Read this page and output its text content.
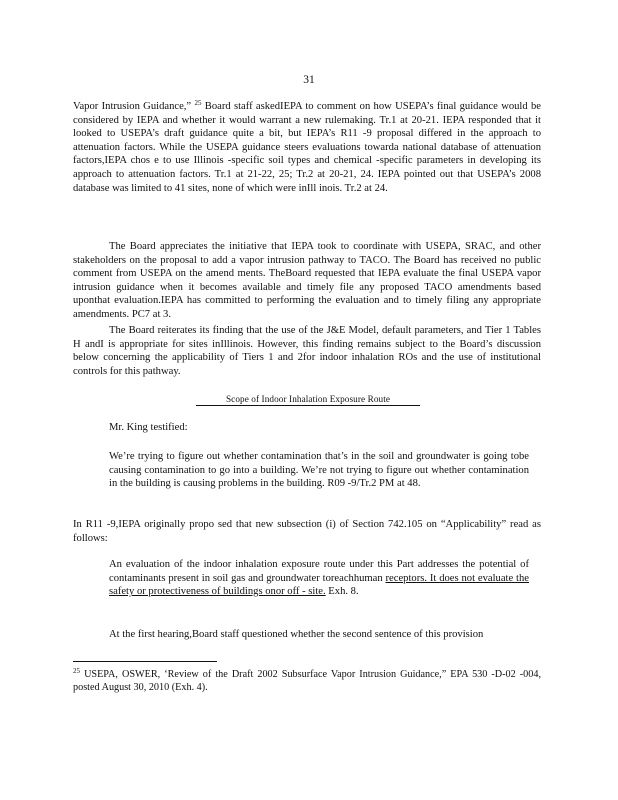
31

Vapor Intrusion Guidance,” $^{25}$ Board staff askedIEPA to comment on how USEPA’s final guidance would be considered by IEPA and whether it would warrant a new rulemaking. Tr.1 at 20-21. IEPA responded that it looked to USEPA’s draft guidance quite a bit, but IEPA’s R11 -9 proposal differed in the approach to attenuation factors. While the USEPA guidance steers evaluations towarda national database of attenuation factors,IEPA chos e to use Illinois -specific soil types and chemical -specific parameters in developing its approach to attenuation factors. Tr.1 at 21-22, 25; Tr.2 at 20-21, 24. IEPA pointed out that USEPA’s 2008 database was limited to 41 sites, none of which were inIll inois. Tr.2 at 24.

The Board appreciates the initiative that IEPA took to coordinate with USEPA, SRAC, and other stakeholders on the proposal to add a vapor intrusion pathway to TACO. The Board has received no public comment from USEPA on the amend ments. TheBoard requested that IEPA evaluate the final USEPA vapor intrusion guidance when it becomes available and timely file any proposed TACO amendments based uponthat evaluation.IEPA has committed to performing the evaluation and to timely filing any appropriate amendments. PC7 at 3.

The Board reiterates its finding that the use of the J&E Model, default parameters, and Tier 1 Tables H andI is appropriate for sites inIllinois. However, this finding remains subject to the Board’s discussion below concerning the applicability of Tiers 1 and 2for indoor inhalation ROs and the use of institutional controls for this pathway.

Scope of Indoor Inhalation Exposure Route

Mr. King testified:

We’re trying to figure out whether contamination that’s in the soil and groundwater is going tobe causing contamination to go into a building. We’re not trying to figure out whether contamination in the building is causing problems in the building. R09 -9/Tr.2 PM at 48.

In R11 -9,IEPA originally propo sed that new subsection (i) of Section 742.105 on “Applicability” read as follows:

An evaluation of the indoor inhalation exposure route under this Part addresses the potential of contaminants present in soil gas and groundwater toreachhuman receptors. It does not evaluate the safety or protectiveness of buildings onor off - site. Exh. 8.

At the first hearing,Board staff questioned whether the second sentence of this provision

$^{25}$ USEPA, OSWER, ‘Review of the Draft 2002 Subsurface Vapor Intrusion Guidance,” EPA 530 -D-02 -004, posted August 30, 2010 (Exh. 4).
